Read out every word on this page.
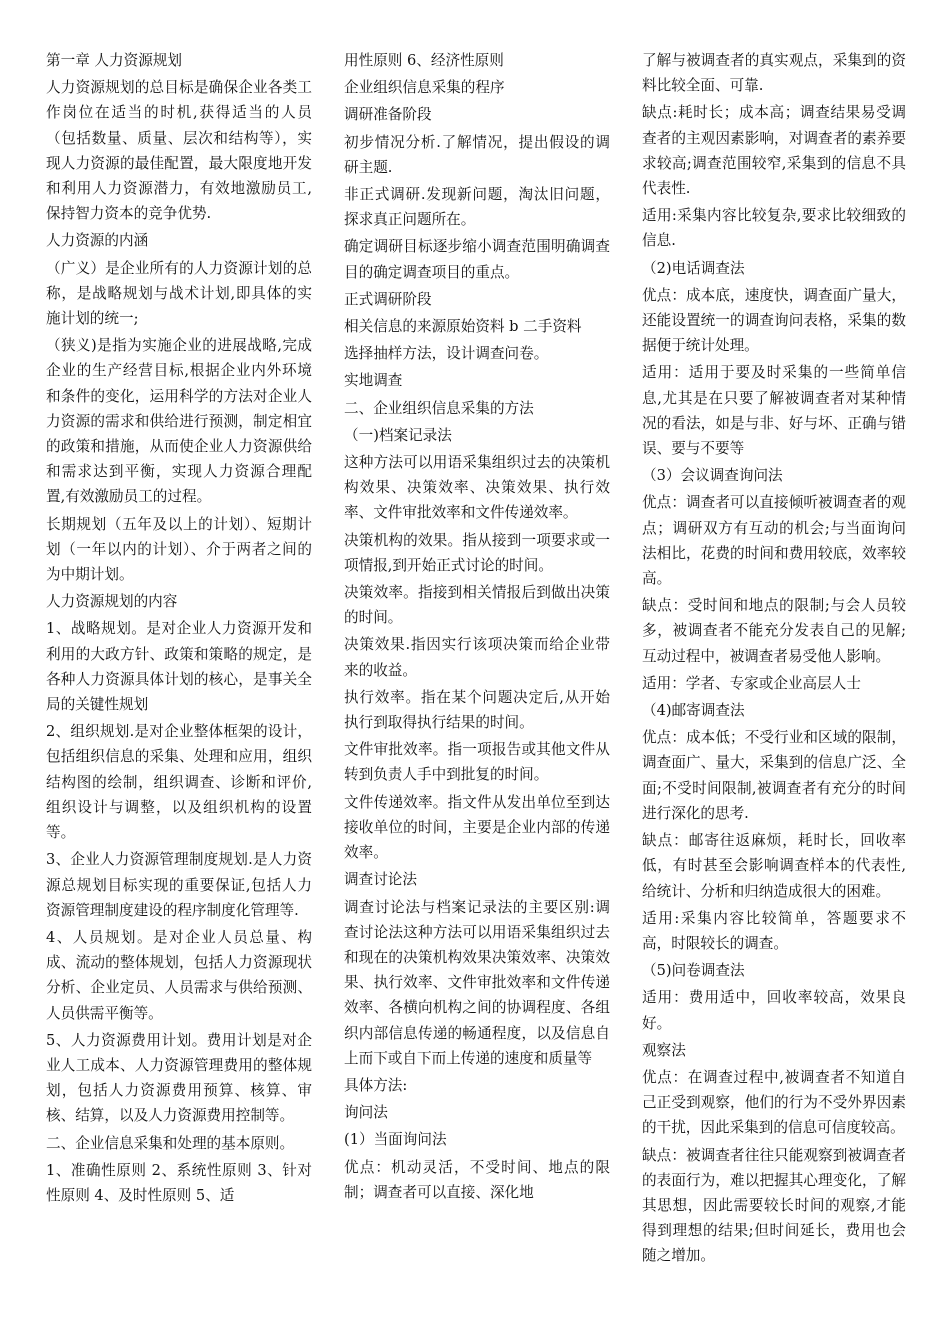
第一章 人力资源规划
人力资源规划的总目标是确保企业各类工作岗位在适当的时机,获得适当的人员（包括数量、质量、层次和结构等），实现人力资源的最佳配置，最大限度地开发和利用人力资源潜力，有效地激励员工,保持智力资本的竞争优势.
人力资源的内涵
（广义）是企业所有的人力资源计划的总称，是战略规划与战术计划,即具体的实施计划的统一;
（狭义)是指为实施企业的进展战略,完成企业的生产经营目标,根据企业内外环境和条件的变化，运用科学的方法对企业人力资源的需求和供给进行预测，制定相宜的政策和措施，从而使企业人力资源供给和需求达到平衡，实现人力资源合理配置,有效激励员工的过程。
长期规划（五年及以上的计划）、短期计划（一年以内的计划）、介于两者之间的为中期计划。
人力资源规划的内容
1、战略规划。是对企业人力资源开发和利用的大政方针、政策和策略的规定，是各种人力资源具体计划的核心，是事关全局的关键性规划
2、组织规划.是对企业整体框架的设计，包括组织信息的采集、处理和应用，组织结构图的绘制，组织调查、诊断和评价,组织设计与调整，以及组织机构的设置等。
3、企业人力资源管理制度规划.是人力资源总规划目标实现的重要保证,包括人力资源管理制度建设的程序制度化管理等.
4、人员规划。是对企业人员总量、构成、流动的整体规划，包括人力资源现状分析、企业定员、人员需求与供给预测、人员供需平衡等。
5、人力资源费用计划。费用计划是对企业人工成本、人力资源管理费用的整体规划，包括人力资源费用预算、核算、审核、结算，以及人力资源费用控制等。
二、企业信息采集和处理的基本原则。
1、准确性原则 2、系统性原则 3、针对性原则 4、及时性原则 5、适
用性原则 6、经济性原则
企业组织信息采集的程序
调研准备阶段
初步情况分析.了解情况，提出假设的调研主题.
非正式调研.发现新问题，淘汰旧问题，探求真正问题所在。
确定调研目标逐步缩小调查范围明确调查目的确定调查项目的重点。
正式调研阶段
相关信息的来源原始资料 b 二手资料
选择抽样方法，设计调查问卷。
实地调查
二、企业组织信息采集的方法
（一)档案记录法
这种方法可以用语采集组织过去的决策机构效果、决策效率、决策效果、执行效率、文件审批效率和文件传递效率。
决策机构的效果。指从接到一项要求或一项情报,到开始正式讨论的时间。
决策效率。指接到相关情报后到做出决策的时间。
决策效果.指因实行该项决策而给企业带来的收益。
执行效率。指在某个问题决定后,从开始执行到取得执行结果的时间。
文件审批效率。指一项报告或其他文件从转到负责人手中到批复的时间。
文件传递效率。指文件从发出单位至到达接收单位的时间，主要是企业内部的传递效率。
调查讨论法
调查讨论法与档案记录法的主要区别:调查讨论法这种方法可以用语采集组织过去和现在的决策机构效果决策效率、决策效果、执行效率、文件审批效率和文件传递效率、各横向机构之间的协调程度、各组织内部信息传递的畅通程度，以及信息自上而下或自下而上传递的速度和质量等
具体方法:
询问法
(1）当面询问法
优点：机动灵活，不受时间、地点的限制；调查者可以直接、深化地
了解与被调查者的真实观点，采集到的资料比较全面、可靠.
缺点:耗时长；成本高；调查结果易受调查者的主观因素影响，对调查者的素养要求较高;调查范围较窄,采集到的信息不具代表性.
适用:采集内容比较复杂,要求比较细致的信息.
（2)电话调查法
优点：成本底，速度快，调查面广量大，还能设置统一的调查询问表格，采集的数据便于统计处理。
适用：适用于要及时采集的一些简单信息,尤其是在只要了解被调查者对某种情况的看法，如是与非、好与坏、正确与错误、要与不要等
（3）会议调查询问法
优点：调查者可以直接倾听被调查者的观点；调研双方有互动的机会;与当面询问法相比，花费的时间和费用较底，效率较高。
缺点：受时间和地点的限制;与会人员较多，被调查者不能充分发表自己的见解;互动过程中，被调查者易受他人影响。
适用：学者、专家或企业高层人士
（4)邮寄调查法
优点：成本低；不受行业和区域的限制，调查面广、量大，采集到的信息广泛、全面;不受时间限制,被调查者有充分的时间进行深化的思考.
缺点：邮寄往返麻烦，耗时长，回收率低，有时甚至会影响调查样本的代表性,给统计、分析和归纳造成很大的困难。
适用:采集内容比较简单，答题要求不高，时限较长的调查。
（5)问卷调查法
适用：费用适中，回收率较高，效果良好。
观察法
优点：在调查过程中,被调查者不知道自己正受到观察，他们的行为不受外界因素的干扰，因此采集到的信息可信度较高。
缺点：被调查者往往只能观察到被调查者的表面行为，难以把握其心理变化，了解其思想，因此需要较长时间的观察,才能得到理想的结果;但时间延长，费用也会随之增加。
